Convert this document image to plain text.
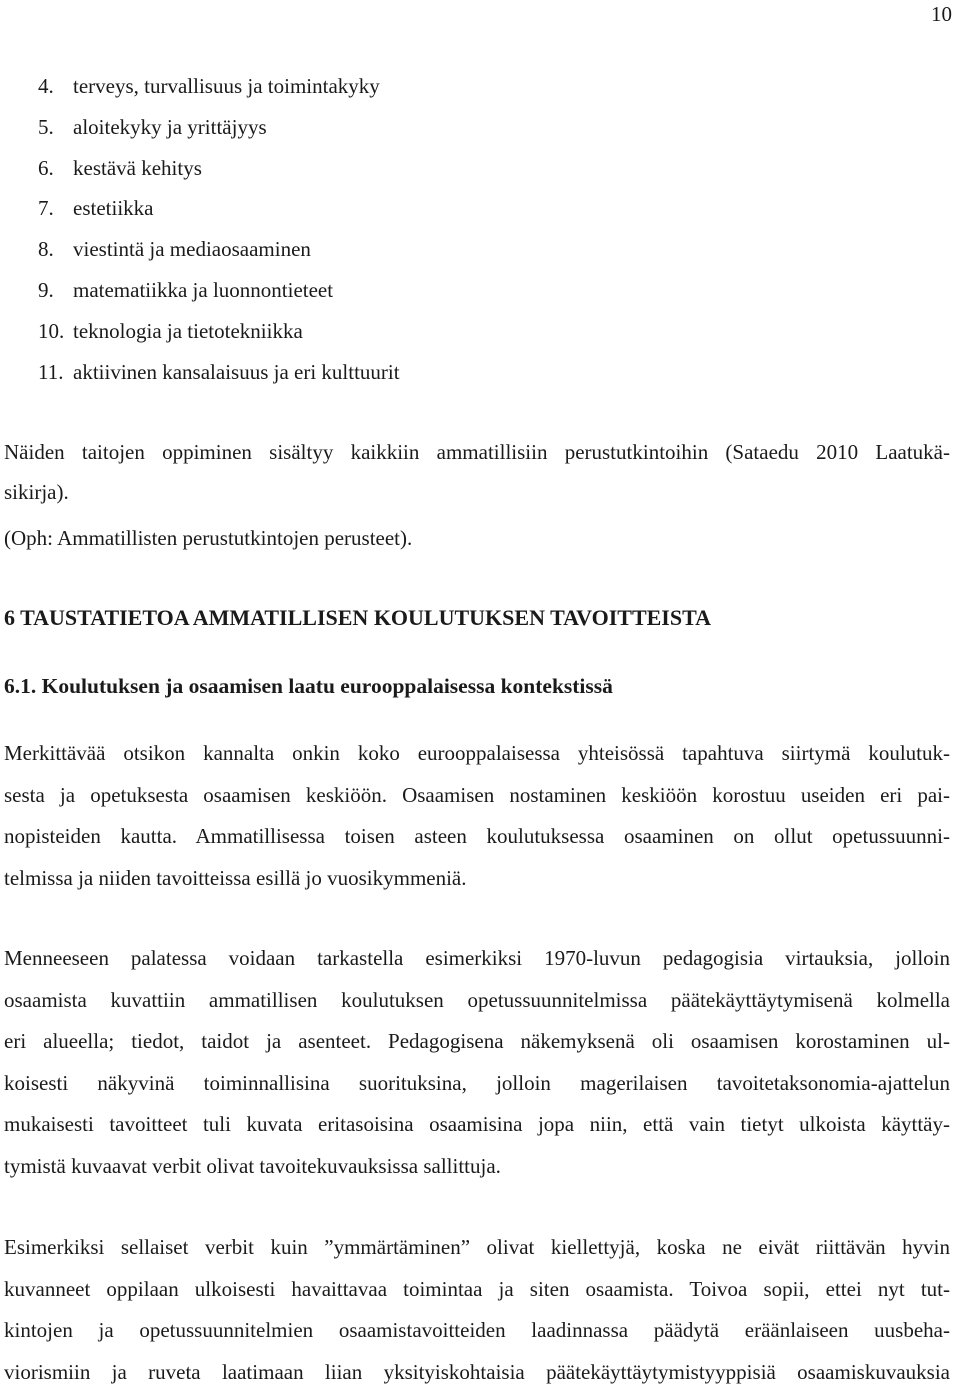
10
4. terveys, turvallisuus ja toimintakyky
5. aloitekyky ja yrittäjyys
6. kestävä kehitys
7. estetiikka
8. viestintä ja mediaosaaminen
9. matematiikka ja luonnontieteet
10. teknologia ja tietotekniikka
11. aktiivinen kansalaisuus ja eri kulttuurit

Näiden taitojen oppiminen sisältyy kaikkiin ammatillisiin perustutkintoihin (Sataedu 2010 Laatukä-
sikirja).

(Oph: Ammatillisten perustutkintojen perusteet).

6 TAUSTATIETOA AMMATILLISEN KOULUTUKSEN TAVOITTEISTA
6.1. Koulutuksen ja osaamisen laatu eurooppalaisessa kontekstissä

Merkittävää otsikon kannalta onkin koko eurooppalaisessa yhteisössä tapahtuva siirtymä koulutuk-
sesta ja opetuksesta osaamisen keskiöön. Osaamisen nostaminen keskiöön korostuu useiden eri pai-
nopisteiden kautta. Ammatillisessa toisen asteen koulutuksessa osaaminen on ollut opetussuunni-
telmissa ja niiden tavoitteissa esillä jo vuosikymmeniä.

Menneeseen palatessa voidaan tarkastella esimerkiksi 1970-luvun pedagogisia virtauksia, jolloin
osaamista kuvattiin ammatillisen koulutuksen opetussuunnitelmissa päätekäyttäytymisenä kolmella
eri alueella; tiedot, taidot ja asenteet. Pedagogisena näkemyksenä oli osaamisen korostaminen ul-
koisesti näkyvinä toiminnallisina suorituksina, jolloin magerilaisen tavoitetaksonomia-ajattelun
mukaisesti tavoitteet tuli kuvata eritasoisina osaamisina jopa niin, että vain tietyt ulkoista käyttäy-
tymistä kuvaavat verbit olivat tavoitekuvauksissa sallittuja.

Esimerkiksi sellaiset verbit kuin ”ymmärtäminen” olivat kiellettyjä, koska ne eivät riittävän hyvin
kuvanneet oppilaan ulkoisesti havaittavaa toimintaa ja siten osaamista. Toivoa sopii, ettei nyt tut-
kintojen ja opetussuunnitelmien osaamistavoitteiden laadinnassa päädytä eräänlaiseen uusbeha-
viorismiin ja ruveta laatimaan liian yksityiskohtaisia päätekäyttäytymistyyppisiä osaamiskuvauksia
